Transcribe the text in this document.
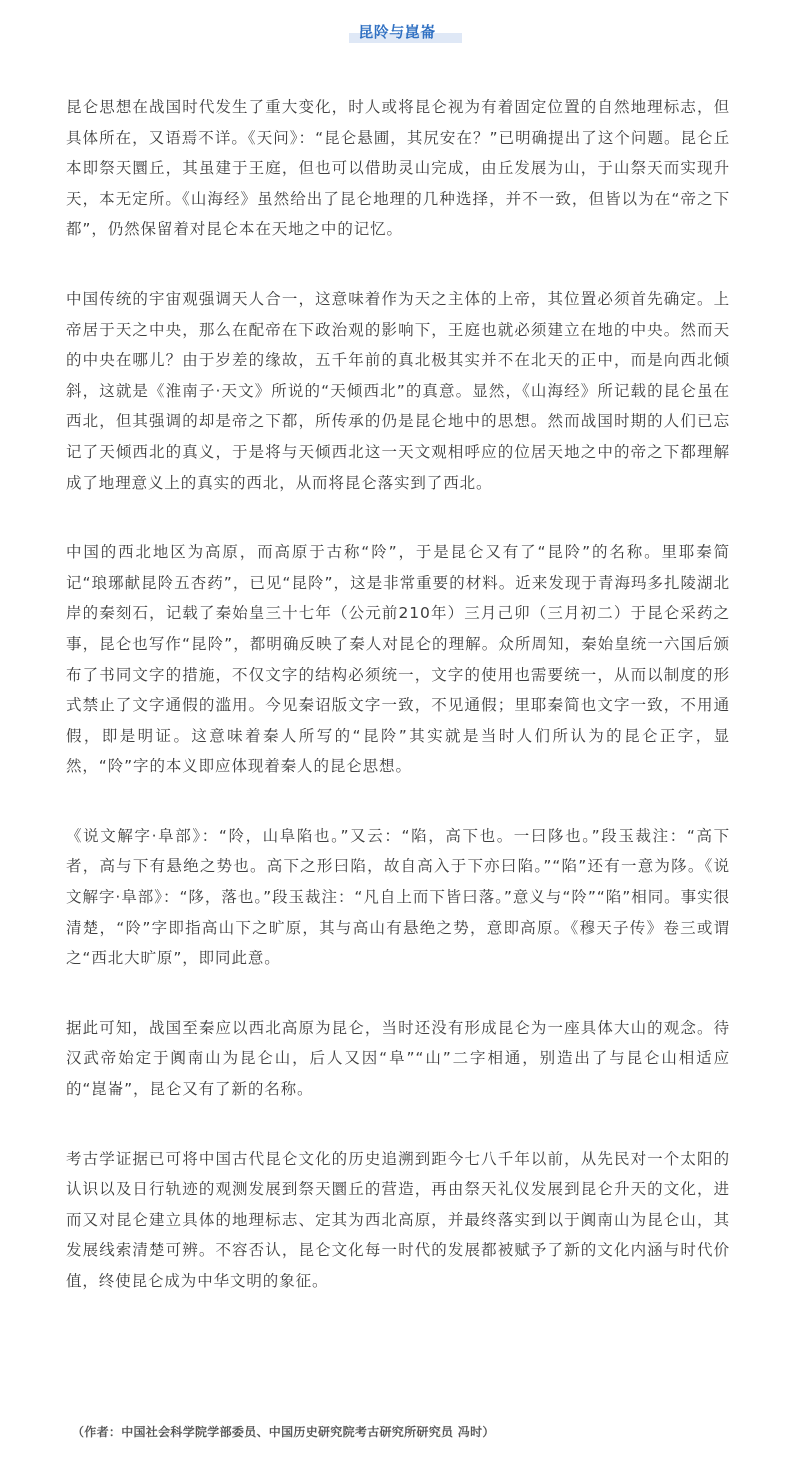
昆阾与崑崙

昆仑思想在战国时代发生了重大变化，时人或将昆仑视为有着固定位置的自然地理标志，但具体所在，又语焉不详。《天问》：“昆仑悬圃，其尻安在？”已明确提出了这个问题。昆仑丘本即祭天圜丘，其虽建于王庭，但也可以借助灵山完成，由丘发展为山，于山祭天而实现升天，本无定所。《山海经》虽然给出了昆仑地理的几种选择，并不一致，但皆以为在“帝之下都”，仍然保留着对昆仑本在天地之中的记忆。

中国传统的宇宙观强调天人合一，这意味着作为天之主体的上帝，其位置必须首先确定。上帝居于天之中央，那么在配帝在下政治观的影响下，王庭也就必须建立在地的中央。然而天的中央在哪儿？由于岁差的缘故，五千年前的真北极其实并不在北天的正中，而是向西北倾斜，这就是《淮南子·天文》所说的“天倾西北”的真意。显然，《山海经》所记载的昆仑虽在西北，但其强调的却是帝之下都，所传承的仍是昆仑地中的思想。然而战国时期的人们已忘记了天倾西北的真义，于是将与天倾西北这一天文观相呼应的位居天地之中的帝之下都理解成了地理意义上的真实的西北，从而将昆仑落实到了西北。

中国的西北地区为高原，而高原于古称“阾”，于是昆仑又有了“昆阾”的名称。里耶秦简记“琅琊献昆阾五杏药”，已见“昆阾”，这是非常重要的材料。近来发现于青海玛多扎陵湖北岸的秦刻石，记载了秦始皇三十七年（公元前210年）三月己卯（三月初二）于昆仑采药之事，昆仑也写作“昆阾”，都明确反映了秦人对昆仑的理解。众所周知，秦始皇统一六国后颁布了书同文字的措施，不仅文字的结构必须统一，文字的使用也需要统一，从而以制度的形式禁止了文字通假的滥用。今见秦诏版文字一致，不见通假；里耶秦简也文字一致，不用通假，即是明证。这意味着秦人所写的“昆阾”其实就是当时人们所认为的昆仑正字，显然，“阾”字的本义即应体现着秦人的昆仑思想。

《说文解字·阜部》：“阾，山阜陷也。”又云：“陷，高下也。一曰陊也。”段玉裁注：“高下者，高与下有悬绝之势也。高下之形曰陷，故自高入于下亦曰陷。”“陷”还有一意为陊。《说文解字·阜部》：“陊，落也。”段玉裁注：“凡自上而下皆曰落。”意义与“阾”“陷”相同。事实很清楚，“阾”字即指高山下之旷原，其与高山有悬绝之势，意即高原。《穆天子传》卷三或谓之“西北大旷原”，即同此意。

据此可知，战国至秦应以西北高原为昆仑，当时还没有形成昆仑为一座具体大山的观念。待汉武帝始定于阗南山为昆仑山，后人又因“阜”“山”二字相通，别造出了与昆仑山相适应的“崑崙”，昆仑又有了新的名称。

考古学证据已可将中国古代昆仑文化的历史追溯到距今七八千年以前，从先民对一个太阳的认识以及日行轨迹的观测发展到祭天圜丘的营造，再由祭天礼仪发展到昆仑升天的文化，进而又对昆仑建立具体的地理标志、定其为西北高原，并最终落实到以于阗南山为昆仑山，其发展线索清楚可辨。不容否认，昆仑文化每一时代的发展都被赋予了新的文化内涵与时代价值，终使昆仑成为中华文明的象征。

（作者：中国社会科学院学部委员、中国历史研究院考古研究所研究员 冯时）
